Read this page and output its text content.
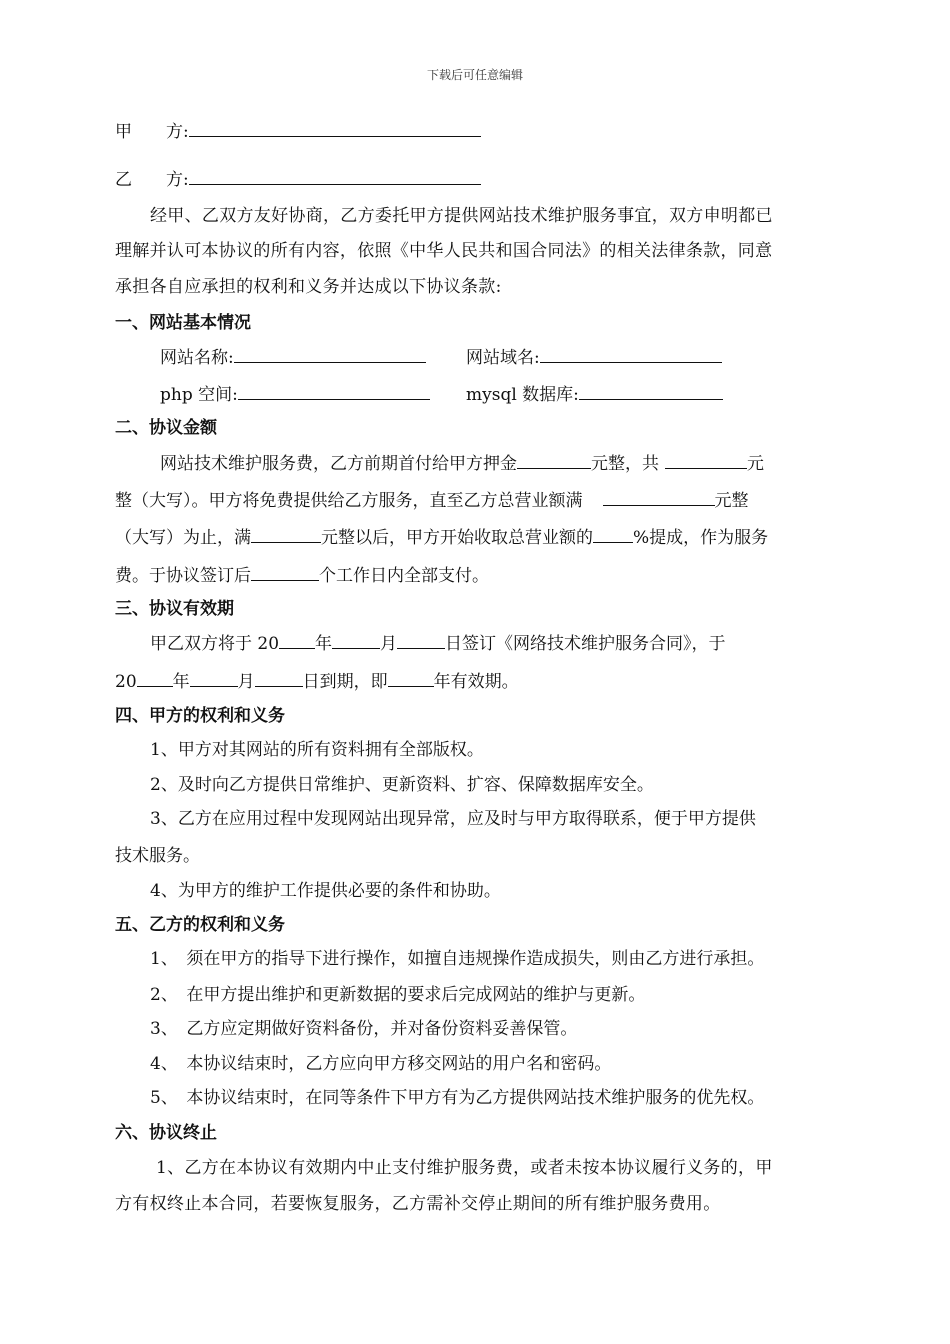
下载后可任意编辑
甲　　方:
乙　　方:
经甲、乙双方友好协商，乙方委托甲方提供网站技术维护服务事宜，双方申明都已
理解并认可本协议的所有内容，依照《中华人民共和国合同法》的相关法律条款，同意
承担各自应承担的权利和义务并达成以下协议条款:
一、网站基本情况
网站名称:	网站域名:
php 空间:	mysql 数据库:
二、协议金额
网站技术维护服务费，乙方前期首付给甲方押金	元整，共	元
整（大写）。甲方将免费提供给乙方服务，直至乙方总营业额满	元整
（大写）为止，满	元整以后，甲方开始收取总营业额的 %提成，作为服务
费。于协议签订后	个工作日内全部支付。
三、协议有效期
甲乙双方将于 20 年	月	日签订《网络技术维护服务合同》，于
20 年	月	日到期，即	年有效期。
四、甲方的权利和义务
1、甲方对其网站的所有资料拥有全部版权。
2、及时向乙方提供日常维护、更新资料、扩容、保障数据库安全。
3、乙方在应用过程中发现网站出现异常，应及时与甲方取得联系，便于甲方提供
技术服务。
4、为甲方的维护工作提供必要的条件和协助。
五、乙方的权利和义务
1、　须在甲方的指导下进行操作，如擅自违规操作造成损失，则由乙方进行承担。
2、　在甲方提出维护和更新数据的要求后完成网站的维护与更新。
3、　乙方应定期做好资料备份，并对备份资料妥善保管。
4、　本协议结束时，乙方应向甲方移交网站的用户名和密码。
5、　本协议结束时，在同等条件下甲方有为乙方提供网站技术维护服务的优先权。
六、协议终止
1、乙方在本协议有效期内中止支付维护服务费，或者未按本协议履行义务的，甲
方有权终止本合同，若要恢复服务，乙方需补交停止期间的所有维护服务费用。
